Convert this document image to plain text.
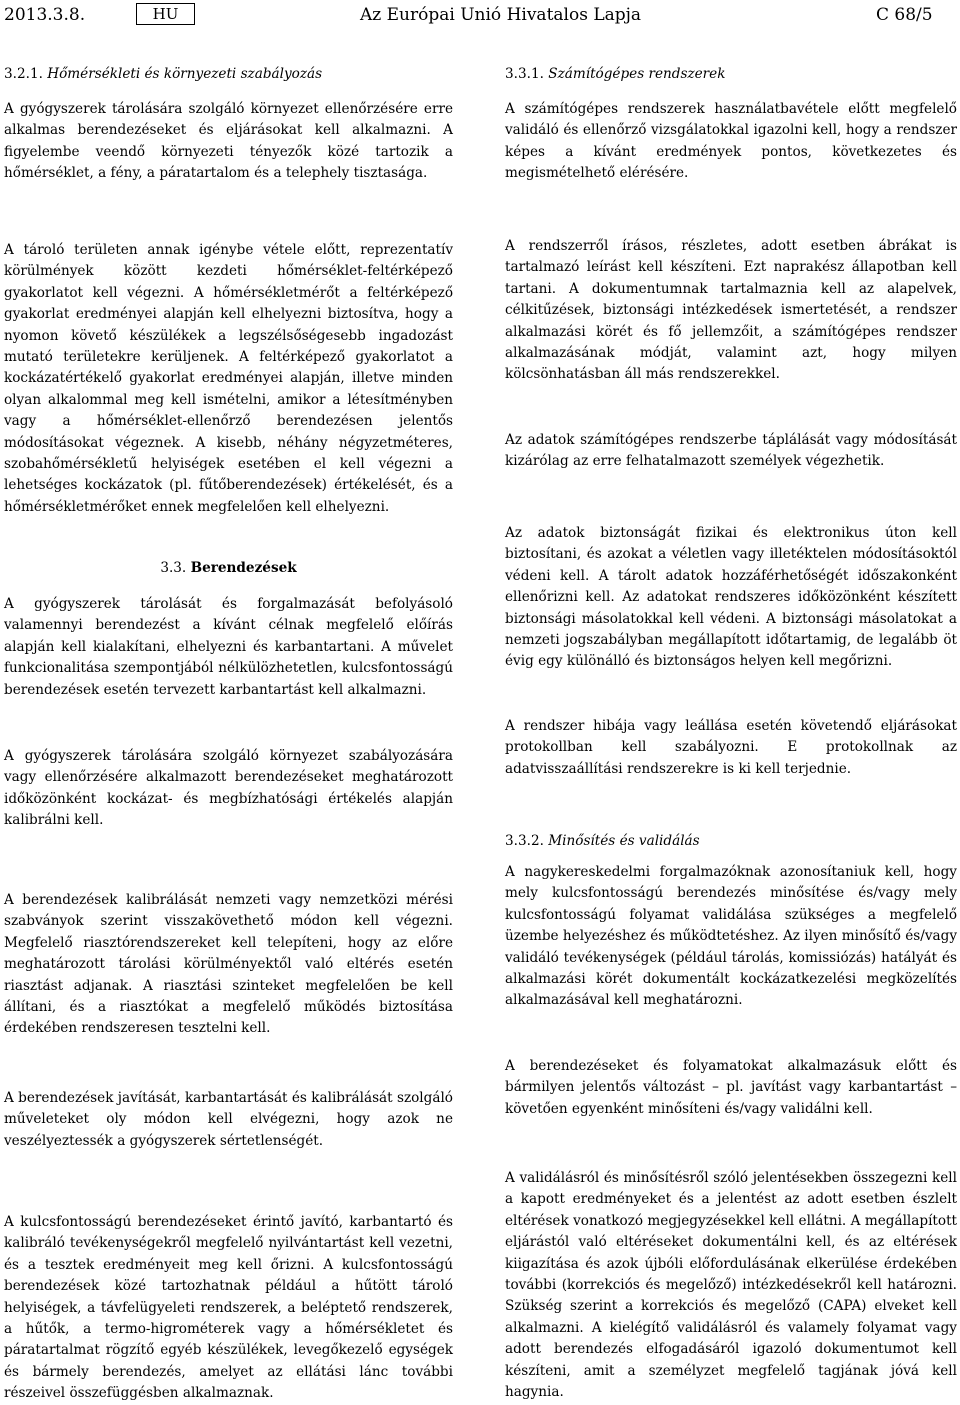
2013.3.8.	HU	Az Európai Unió Hivatalos Lapja	C 68/5
3.2.1. Hőmérsékleti és környezeti szabályozás
A gyógyszerek tárolására szolgáló környezet ellenőrzésére erre alkalmas berendezéseket és eljárásokat kell alkalmazni. A figyelembe veendő környezeti tényezők közé tartozik a hőmérséklet, a fény, a páratartalom és a telephely tisztasága.
A tároló területen annak igénybe vétele előtt, reprezentatív körülmények között kezdeti hőmérséklet-feltérképező gyakorlatot kell végezni. A hőmérsékletmérőt a feltérképező gyakorlat eredményei alapján kell elhelyezni biztosítva, hogy a nyomon követő készülékek a legszélsőségesebb ingadozást mutató területekre kerüljenek. A feltérképező gyakorlatot a kockázatértékelő gyakorlat eredményei alapján, illetve minden olyan alkalommal meg kell ismételni, amikor a létesítményben vagy a hőmérséklet-ellenőrző berendezésen jelentős módosításokat végeznek. A kisebb, néhány négyzetméteres, szobahőmérsékletű helyiségek esetében el kell végezni a lehetséges kockázatok (pl. fűtőberendezések) értékelését, és a hőmérsékletmérőket ennek megfelelően kell elhelyezni.
3.3. Berendezések
A gyógyszerek tárolását és forgalmazását befolyásoló valamennyi berendezést a kívánt célnak megfelelő előírás alapján kell kialakítani, elhelyezni és karbantartani. A művelet funkcionalitása szempontjából nélkülözhetetlen, kulcsfontosságú berendezések esetén tervezett karbantartást kell alkalmazni.
A gyógyszerek tárolására szolgáló környezet szabályozására vagy ellenőrzésére alkalmazott berendezéseket meghatározott időközönként kockázat- és megbízhatósági értékelés alapján kalibrálni kell.
A berendezések kalibrálását nemzeti vagy nemzetközi mérési szabványok szerint visszakövethető módon kell végezni. Megfelelő riasztórendszereket kell telepíteni, hogy az előre meghatározott tárolási körülményektől való eltérés esetén riasztást adjanak. A riasztási szinteket megfelelően be kell állítani, és a riasztókat a megfelelő működés biztosítása érdekében rendszeresen tesztelni kell.
A berendezések javítását, karbantartását és kalibrálását szolgáló műveleteket oly módon kell elvégezni, hogy azok ne veszélyeztessék a gyógyszerek sértetlenségét.
A kulcsfontosságú berendezéseket érintő javító, karbantartó és kalibráló tevékenységekről megfelelő nyilvántartást kell vezetni, és a tesztek eredményeit meg kell őrizni. A kulcsfontosságú berendezések közé tartozhatnak például a hűtött tároló helyiségek, a távfelügyeleti rendszerek, a beléptető rendszerek, a hűtők, a termo-higrométerek vagy a hőmérsékletet és páratartalmat rögzítő egyéb készülékek, levegőkezelő egységek és bármely berendezés, amelyet az ellátási lánc további részeivel összefüggésben alkalmaznak.
3.3.1. Számítógépes rendszerek
A számítógépes rendszerek használatbavétele előtt megfelelő validáló és ellenőrző vizsgálatokkal igazolni kell, hogy a rendszer képes a kívánt eredmények pontos, következetes és megismételhető elérésére.
A rendszerről írásos, részletes, adott esetben ábrákat is tartalmazó leírást kell készíteni. Ezt naprakész állapotban kell tartani. A dokumentumnak tartalmaznia kell az alapelvek, célkitűzések, biztonsági intézkedések ismertetését, a rendszer alkalmazási körét és fő jellemzőit, a számítógépes rendszer alkalmazásának módját, valamint azt, hogy milyen kölcsönhatásban áll más rendszerekkel.
Az adatok számítógépes rendszerbe táplálását vagy módosítását kizárólag az erre felhatalmazott személyek végezhetik.
Az adatok biztonságát fizikai és elektronikus úton kell biztosítani, és azokat a véletlen vagy illetéktelen módosításoktól védeni kell. A tárolt adatok hozzáférhetőségét időszakonként ellenőrizni kell. Az adatokat rendszeres időközönként készített biztonsági másolatokkal kell védeni. A biztonsági másolatokat a nemzeti jogszabályban megállapított időtartamig, de legalább öt évig egy különálló és biztonságos helyen kell megőrizni.
A rendszer hibája vagy leállása esetén követendő eljárásokat protokollban kell szabályozni. E protokollnak az adatvisszaállítási rendszerekre is ki kell terjednie.
3.3.2. Minősítés és validálás
A nagykereskedelmi forgalmazóknak azonosítaniuk kell, hogy mely kulcsfontosságú berendezés minősítése és/vagy mely kulcsfontosságú folyamat validálása szükséges a megfelelő üzembe helyezéshez és működtetéshez. Az ilyen minősítő és/vagy validáló tevékenységek (például tárolás, komissiózás) hatályát és alkalmazási körét dokumentált kockázatkezelési megközelítés alkalmazásával kell meghatározni.
A berendezéseket és folyamatokat alkalmazásuk előtt és bármilyen jelentős változást – pl. javítást vagy karbantartást – követően egyenként minősíteni és/vagy validálni kell.
A validálásról és minősítésről szóló jelentésekben összegezni kell a kapott eredményeket és a jelentést az adott esetben észlelt eltérések vonatkozó megjegyzésekkel kell ellátni. A megállapított eljárástól való eltéréseket dokumentálni kell, és az eltérések kiigazítása és azok újbóli előfordulásának elkerülése érdekében további (korrekciós és megelőző) intézkedésekről kell határozni. Szükség szerint a korrekciós és megelőző (CAPA) elveket kell alkalmazni. A kielégítő validálásról és valamely folyamat vagy adott berendezés elfogadásáról igazoló dokumentumot kell készíteni, amit a személyzet megfelelő tagjának jóvá kell hagynia.
